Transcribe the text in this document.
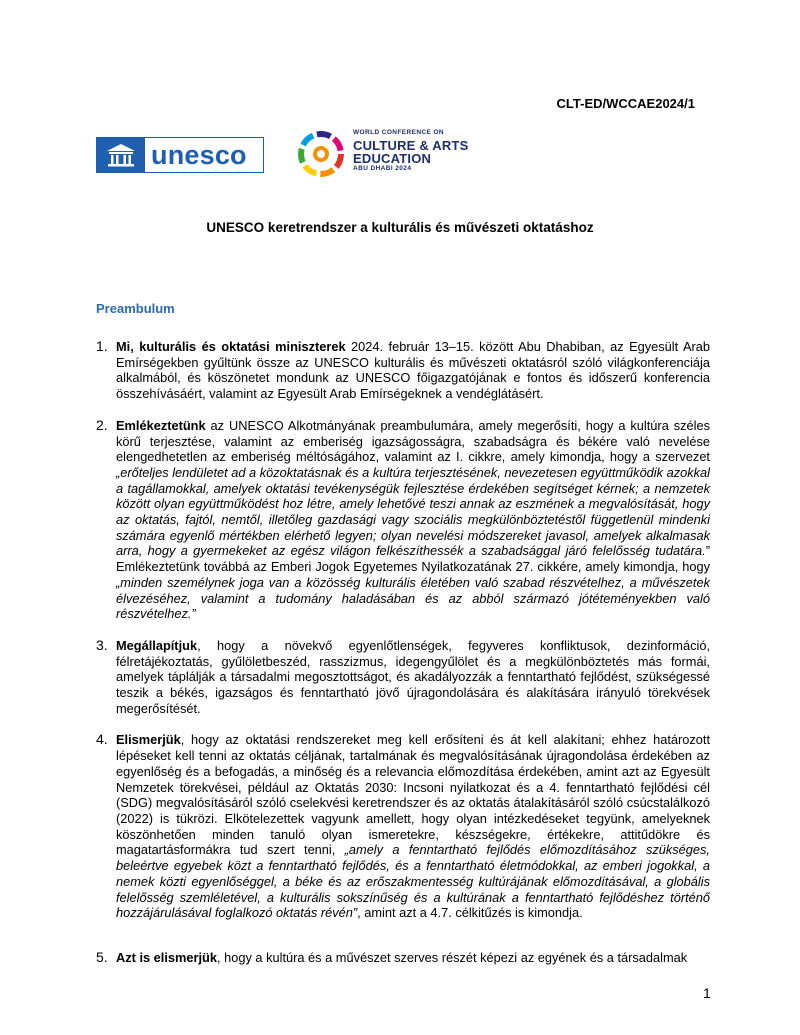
CLT-ED/WCCAE2024/1
unesco
WORLD CONFERENCE ON
CULTURE & ARTS
EDUCATION
ABU DHABI 2024
UNESCO keretrendszer a kulturális és művészeti oktatáshoz
Preambulum
1. Mi, kulturális és oktatási miniszterek 2024. február 13–15. között Abu Dhabiban, az Egyesült Arab Emírségekben gyűltünk össze az UNESCO kulturális és művészeti oktatásról szóló világkonferenciája alkalmából, és köszönetet mondunk az UNESCO főigazgatójának e fontos és időszerű konferencia összehívásáért, valamint az Egyesült Arab Emírségeknek a vendéglátásért.
2. Emlékeztetünk az UNESCO Alkotmányának preambulumára, amely megerősíti, hogy a kultúra széles körű terjesztése, valamint az emberiség igazságosságra, szabadságra és békére való nevelése elengedhetetlen az emberiség méltóságához, valamint az I. cikkre, amely kimondja, hogy a szervezet „erőteljes lendületet ad a közoktatásnak és a kultúra terjesztésének, nevezetesen együttműködik azokkal a tagállamokkal, amelyek oktatási tevékenységük fejlesztése érdekében segítséget kérnek; a nemzetek között olyan együttműködést hoz létre, amely lehetővé teszi annak az eszmének a megvalósítását, hogy az oktatás, fajtól, nemtől, illetőleg gazdasági vagy szociális megkülönböztetéstől függetlenül mindenki számára egyenlő mértékben elérhető legyen; olyan nevelési módszereket javasol, amelyek alkalmasak arra, hogy a gyermekeket az egész világon felkészíthessék a szabadsággal járó felelősség tudatára.” Emlékeztetünk továbbá az Emberi Jogok Egyetemes Nyilatkozatának 27. cikkére, amely kimondja, hogy „minden személynek joga van a közösség kulturális életében való szabad részvételhez, a művészetek élvezéséhez, valamint a tudomány haladásában és az abból származó jótéteményekben való részvételhez.”
3. Megállapítjuk, hogy a növekvő egyenlőtlenségek, fegyveres konfliktusok, dezinformáció, félretájékoztatás, gyűlöletbeszéd, rasszizmus, idegengyűlölet és a megkülönböztetés más formái, amelyek táplálják a társadalmi megosztottságot, és akadályozzák a fenntartható fejlődést, szükségessé teszik a békés, igazságos és fenntartható jövő újragondolására és alakítására irányuló törekvések megerősítését.
4. Elismerjük, hogy az oktatási rendszereket meg kell erősíteni és át kell alakítani; ehhez határozott lépéseket kell tenni az oktatás céljának, tartalmának és megvalósításának újragondolása érdekében az egyenlőség és a befogadás, a minőség és a relevancia előmozdítása érdekében, amint azt az Egyesült Nemzetek törekvései, például az Oktatás 2030: Incsoni nyilatkozat és a 4. fenntartható fejlődési cél (SDG) megvalósításáról szóló cselekvési keretrendszer és az oktatás átalakításáról szóló csúcstalálkozó (2022) is tükrözi. Elkötelezettek vagyunk amellett, hogy olyan intézkedéseket tegyünk, amelyeknek köszönhetően minden tanuló olyan ismeretekre, készségekre, értékekre, attitűdökre és magatartásformákra tud szert tenni, „amely a fenntartható fejlődés előmozdításához szükséges, beleértve egyebek közt a fenntartható fejlődés, és a fenntartható életmódokkal, az emberi jogokkal, a nemek közti egyenlőséggel, a béke és az erőszakmentesség kultúrájának előmozdításával, a globális felelősség szemléletével, a kulturális sokszínűség és a kultúrának a fenntartható fejlődéshez történő hozzájárulásával foglalkozó oktatás révén”, amint azt a 4.7. célkitűzés is kimondja.
5. Azt is elismerjük, hogy a kultúra és a művészet szerves részét képezi az egyének és a társadalmak
1
